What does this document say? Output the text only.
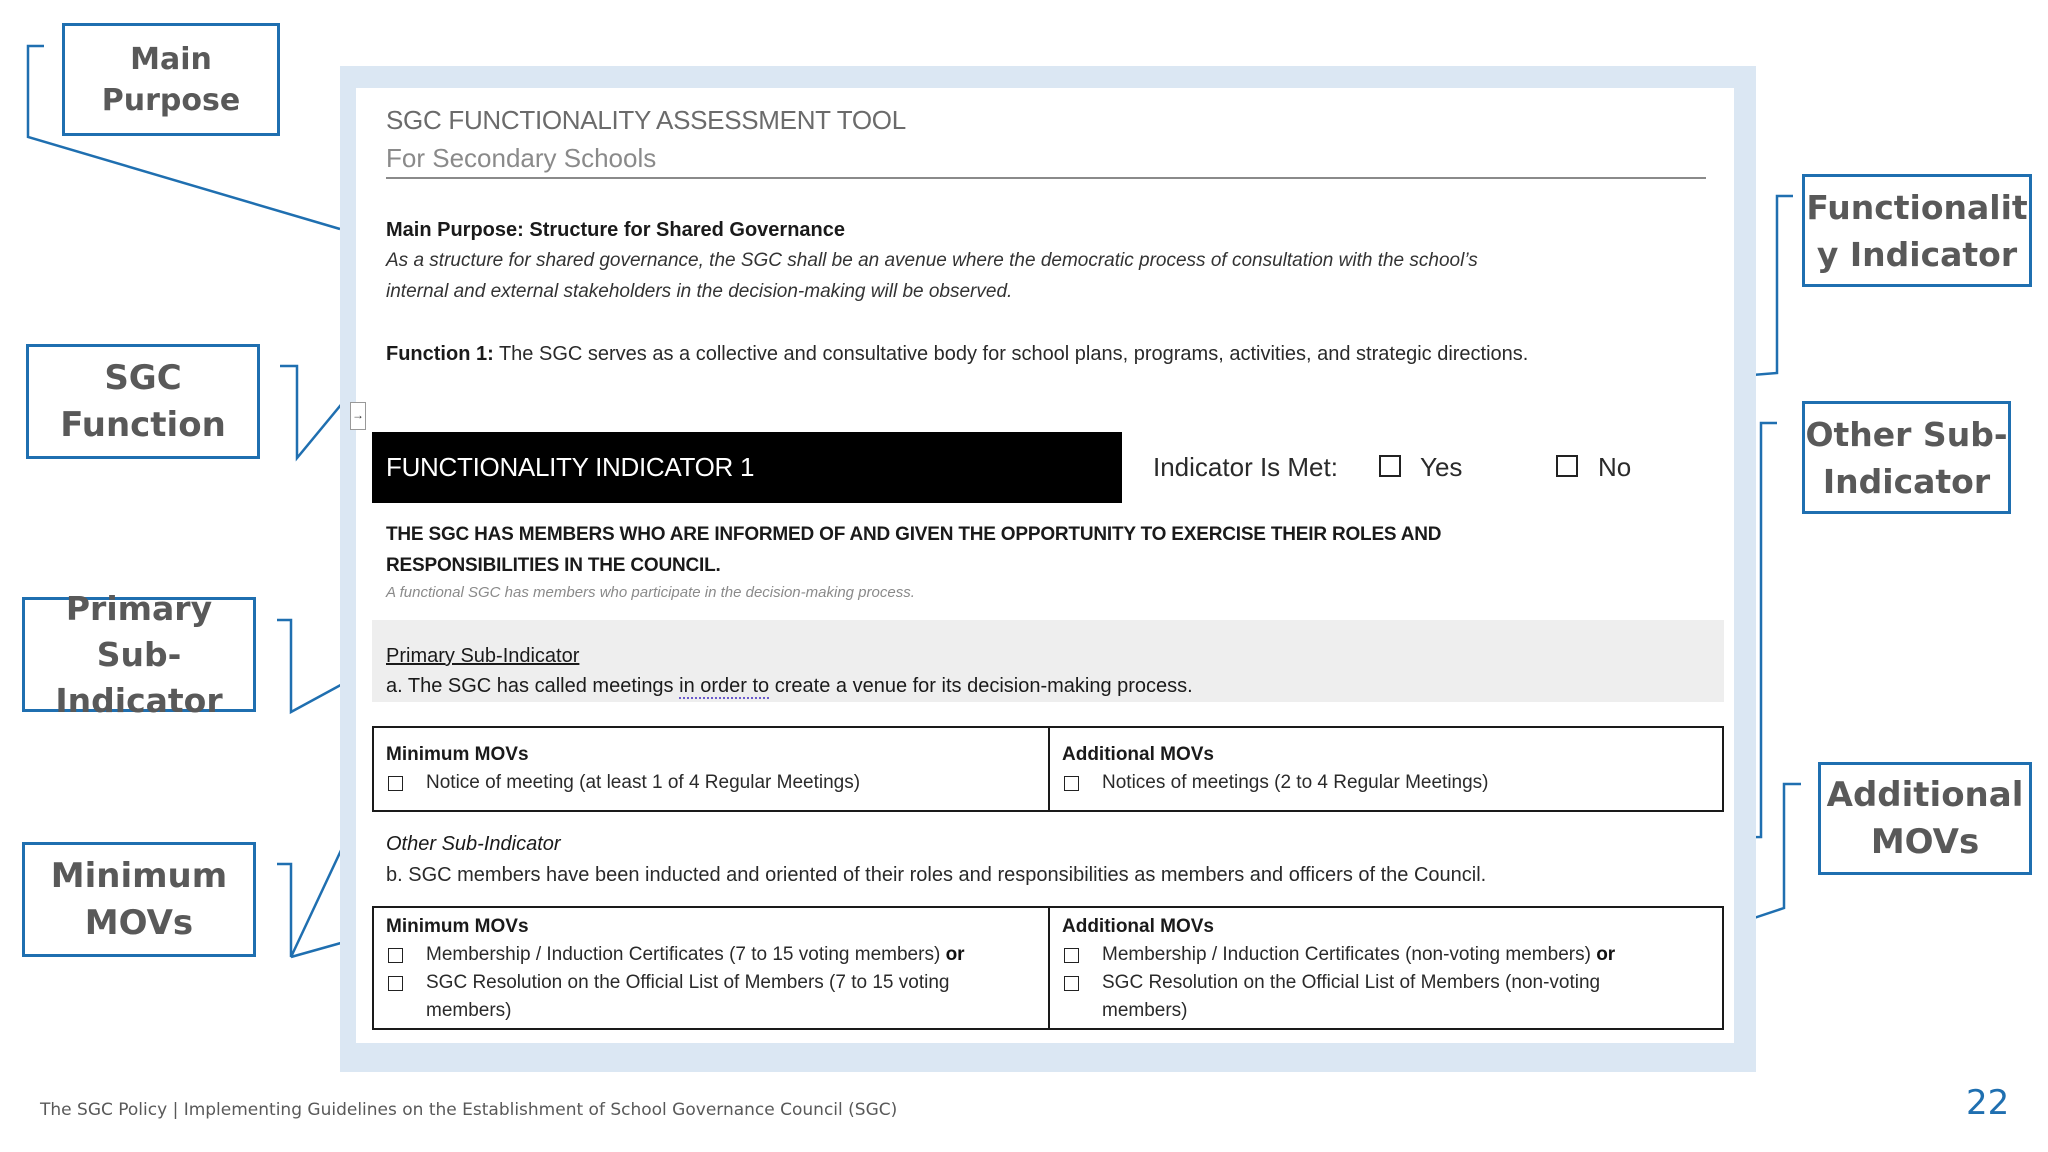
Main
Purpose
SGC
Function
Primary
Sub-
Indicator
Minimum
MOVs
Functionalit
y Indicator
Other Sub-
Indicator
Additional
MOVs
SGC FUNCTIONALITY ASSESSMENT TOOL
For Secondary Schools
Main Purpose: Structure for Shared Governance
As a structure for shared governance, the SGC shall be an avenue where the democratic process of consultation with the school’s
internal and external stakeholders in the decision-making will be observed.
Function 1: The SGC serves as a collective and consultative body for school plans, programs, activities, and strategic directions.
→
FUNCTIONALITY INDICATOR 1	Indicator Is Met:	Yes	No
THE SGC HAS MEMBERS WHO ARE INFORMED OF AND GIVEN THE OPPORTUNITY TO EXERCISE THEIR ROLES AND
RESPONSIBILITIES IN THE COUNCIL.
A functional SGC has members who participate in the decision-making process.
Primary Sub-Indicator
a. The SGC has called meetings in order to create a venue for its decision-making process.
Minimum MOVs
Notice of meeting (at least 1 of 4 Regular Meetings)
Additional MOVs
Notices of meetings (2 to 4 Regular Meetings)
Other Sub-Indicator
b. SGC members have been inducted and oriented of their roles and responsibilities as members and officers of the Council.
Minimum MOVs
Membership / Induction Certificates (7 to 15 voting members) or
SGC Resolution on the Official List of Members (7 to 15 voting
members)
Additional MOVs
Membership / Induction Certificates (non-voting members) or
SGC Resolution on the Official List of Members (non-voting
members)
The SGC Policy | Implementing Guidelines on the Establishment of School Governance Council (SGC)	22
